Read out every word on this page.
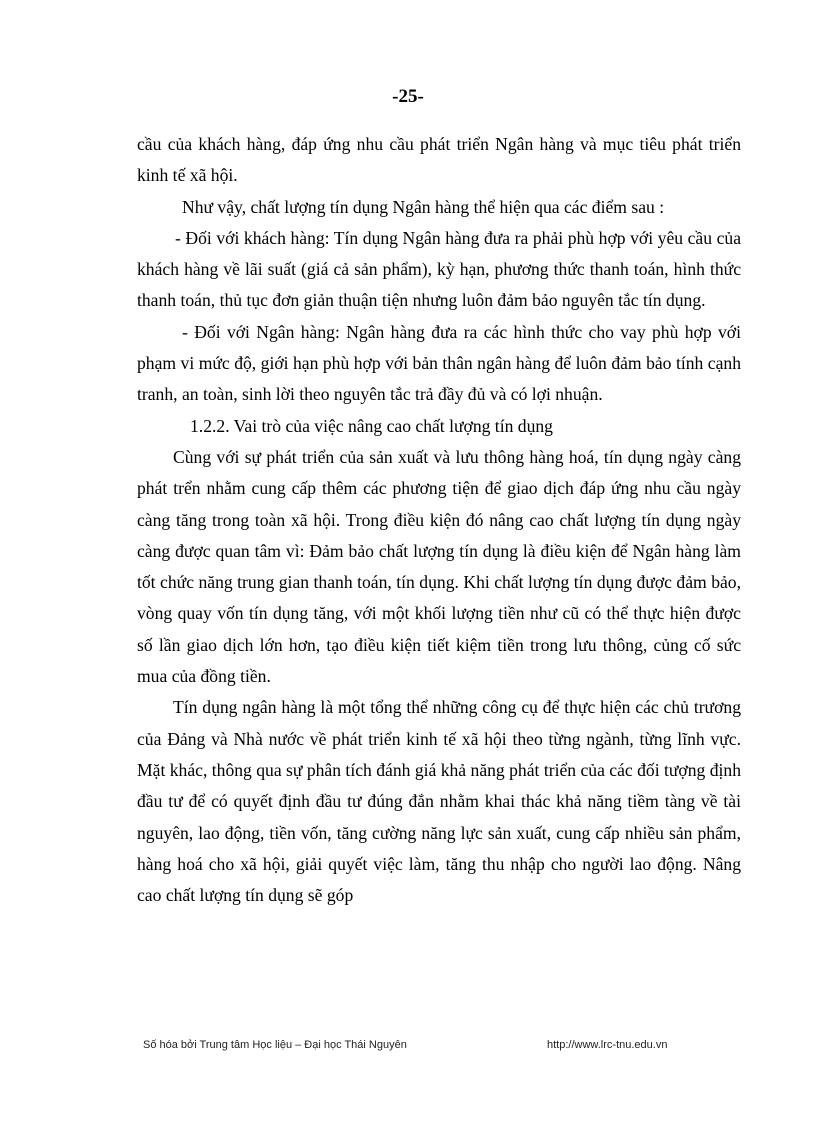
-25-

cầu của khách hàng, đáp ứng nhu cầu phát triển Ngân hàng và mục tiêu phát triển kinh tế xã hội.

Như vậy, chất lượng tín dụng Ngân hàng thể hiện qua các điểm sau :

- Đối với khách hàng: Tín dụng Ngân hàng đưa ra phải phù hợp với yêu cầu của khách hàng về lãi suất (giá cả sản phẩm), kỳ hạn, phương thức thanh toán, hình thức thanh toán, thủ tục đơn giản thuận tiện nhưng luôn đảm bảo nguyên tắc tín dụng.

- Đối với Ngân hàng: Ngân hàng đưa ra các hình thức cho vay phù hợp với phạm vi mức độ, giới hạn phù hợp với bản thân ngân hàng để luôn đảm bảo tính cạnh tranh, an toàn, sinh lời theo nguyên tắc trả đầy đủ và có lợi nhuận.

1.2.2. Vai trò của việc nâng cao chất lượng tín dụng

Cùng với sự phát triển của sản xuất và lưu thông hàng hoá, tín dụng ngày càng phát trển nhằm cung cấp thêm các phương tiện để giao dịch đáp ứng nhu cầu ngày càng tăng trong toàn xã hội. Trong điều kiện đó nâng cao chất lượng tín dụng ngày càng được quan tâm vì: Đảm bảo chất lượng tín dụng là điều kiện để Ngân hàng làm tốt chức năng trung gian thanh toán, tín dụng. Khi chất lượng tín dụng được đảm bảo, vòng quay vốn tín dụng tăng, với một khối lượng tiền như cũ có thể thực hiện được số lần giao dịch lớn hơn, tạo điều kiện tiết kiệm tiền trong lưu thông, củng cố sức mua của đồng tiền.

Tín dụng ngân hàng là một tổng thể những công cụ để thực hiện các chủ trương của Đảng và Nhà nước về phát triển kinh tế xã hội theo từng ngành, từng lĩnh vực. Mặt khác, thông qua sự phân tích đánh giá khả năng phát triển của các đối tượng định đầu tư để có quyết định đầu tư đúng đắn nhằm khai thác khả năng tiềm tàng về tài nguyên, lao động, tiền vốn, tăng cường năng lực sản xuất, cung cấp nhiều sản phẩm, hàng hoá cho xã hội, giải quyết việc làm, tăng thu nhập cho người lao động. Nâng cao chất lượng tín dụng sẽ góp

Số hóa bởi Trung tâm Học liệu – Đại học Thái Nguyên	http://www.lrc-tnu.edu.vn
